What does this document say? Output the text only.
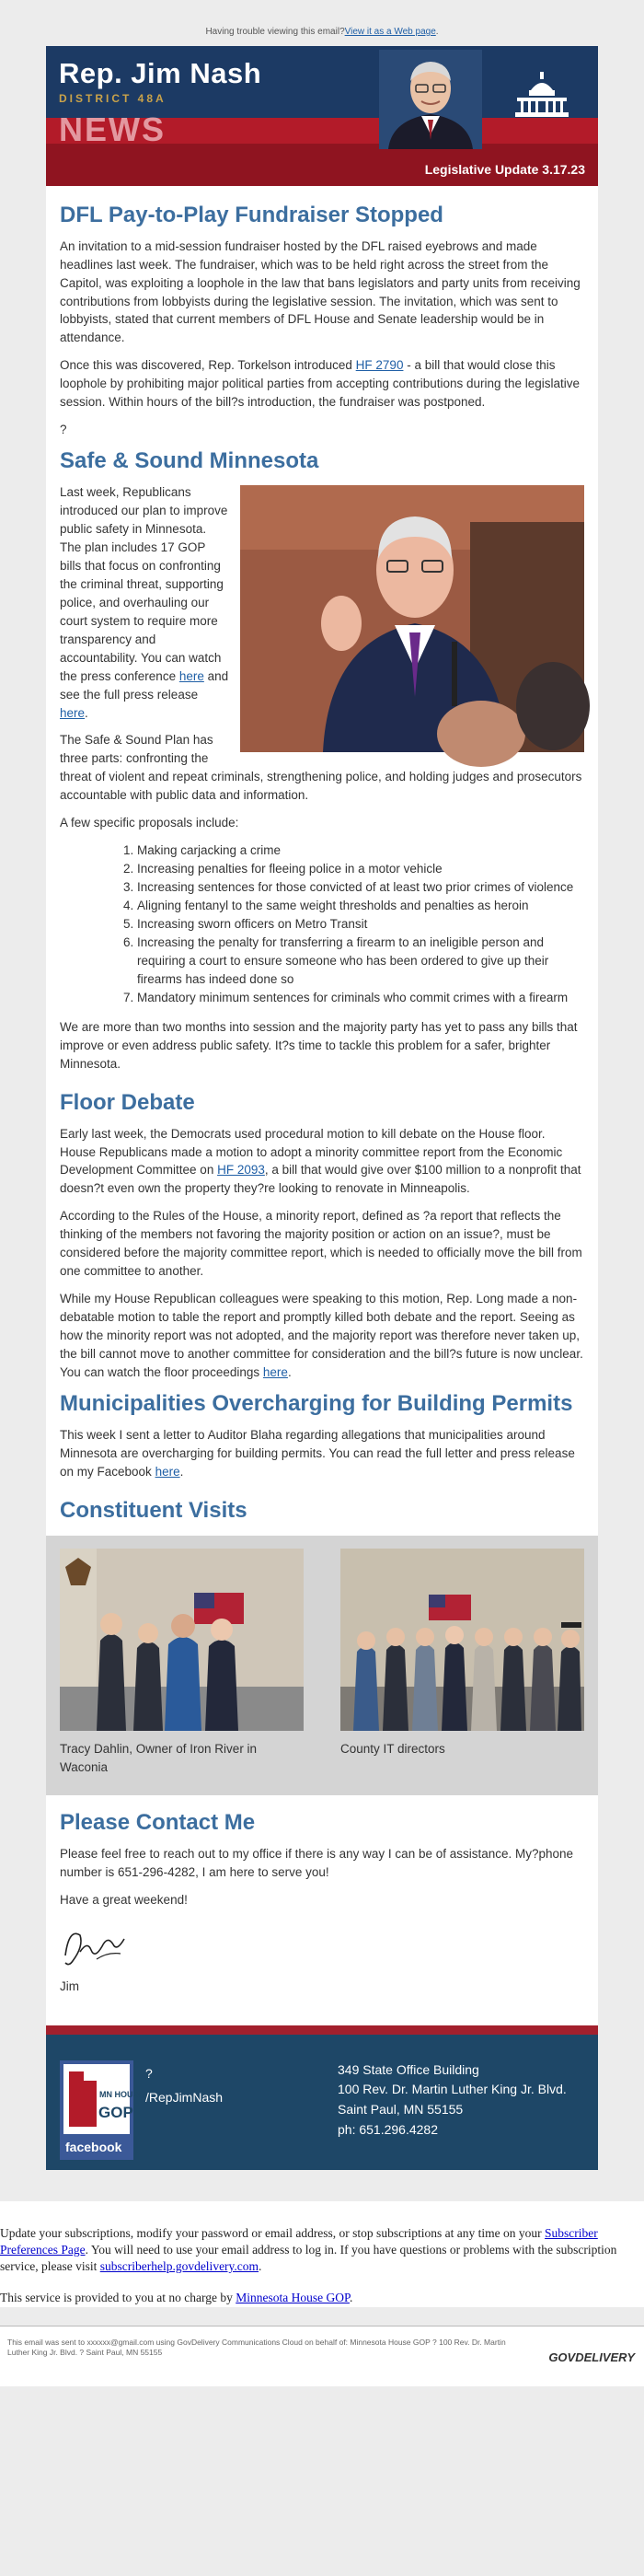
Having trouble viewing this email?View it as a Web page.
Rep. Jim Nash
DISTRICT 48A
NEWS
Legislative Update 3.17.23
DFL Pay-to-Play Fundraiser Stopped

An invitation to a mid-session fundraiser hosted by the DFL raised eyebrows and made headlines last week. The fundraiser, which was to be held right across the street from the Capitol, was exploiting a loophole in the law that bans legislators and party units from receiving contributions from lobbyists during the legislative session. The invitation, which was sent to lobbyists, stated that current members of DFL House and Senate leadership would be in attendance.

Once this was discovered, Rep. Torkelson introduced HF 2790 - a bill that would close this loophole by prohibiting major political parties from accepting contributions during the legislative session. Within hours of the bill?s introduction, the fundraiser was postponed.

?

Safe & Sound Minnesota

Last week, Republicans introduced our plan to improve public safety in Minnesota. The plan includes 17 GOP bills that focus on confronting the criminal threat, supporting police, and overhauling our court system to require more transparency and accountability. You can watch the press conference here and see the full press release here.

The Safe & Sound Plan has three parts: confronting the threat of violent and repeat criminals, strengthening police, and holding judges and prosecutors accountable with public data and information.

A few specific proposals include:

1. Making carjacking a crime
2. Increasing penalties for fleeing police in a motor vehicle
3. Increasing sentences for those convicted of at least two prior crimes of violence
4. Aligning fentanyl to the same weight thresholds and penalties as heroin
5. Increasing sworn officers on Metro Transit
6. Increasing the penalty for transferring a firearm to an ineligible person and requiring a court to ensure someone who has been ordered to give up their firearms has indeed done so
7. Mandatory minimum sentences for criminals who commit crimes with a firearm

We are more than two months into session and the majority party has yet to pass any bills that improve or even address public safety. It?s time to tackle this problem for a safer, brighter Minnesota.

Floor Debate

Early last week, the Democrats used procedural motion to kill debate on the House floor. House Republicans made a motion to adopt a minority committee report from the Economic Development Committee on HF 2093, a bill that would give over $100 million to a nonprofit that doesn?t even own the property they?re looking to renovate in Minneapolis.

According to the Rules of the House, a minority report, defined as ?a report that reflects the thinking of the members not favoring the majority position or action on an issue?, must be considered before the majority committee report, which is needed to officially move the bill from one committee to another.

While my House Republican colleagues were speaking to this motion, Rep. Long made a non-debatable motion to table the report and promptly killed both debate and the report. Seeing as how the minority report was not adopted, and the majority report was therefore never taken up, the bill cannot move to another committee for consideration and the bill?s future is now unclear. You can watch the floor proceedings here.

Municipalities Overcharging for Building Permits

This week I sent a letter to Auditor Blaha regarding allegations that municipalities around Minnesota are overcharging for building permits. You can read the full letter and press release on my Facebook here.

Constituent Visits
Tracy Dahlin, Owner of Iron River in Waconia
County IT directors
Please Contact Me

Please feel free to reach out to my office if there is any way I can be of assistance. My?phone number is 651-296-4282, I am here to serve you!

Have a great weekend!

Jim

MN HOUSE
GOP
facebook
?
/RepJimNash
349 State Office Building
100 Rev. Dr. Martin Luther King Jr. Blvd.
Saint Paul, MN 55155
ph: 651.296.4282

Update your subscriptions, modify your password or email address, or stop subscriptions at any time on your Subscriber Preferences Page. You will need to use your email address to log in. If you have questions or problems with the subscription service, please visit subscriberhelp.govdelivery.com.

This service is provided to you at no charge by Minnesota House GOP.

This email was sent to xxxxxx@gmail.com using GovDelivery Communications Cloud on behalf of: Minnesota House GOP ? 100 Rev. Dr. Martin Luther King Jr. Blvd. ? Saint Paul, MN 55155	GOVDELIVERY
